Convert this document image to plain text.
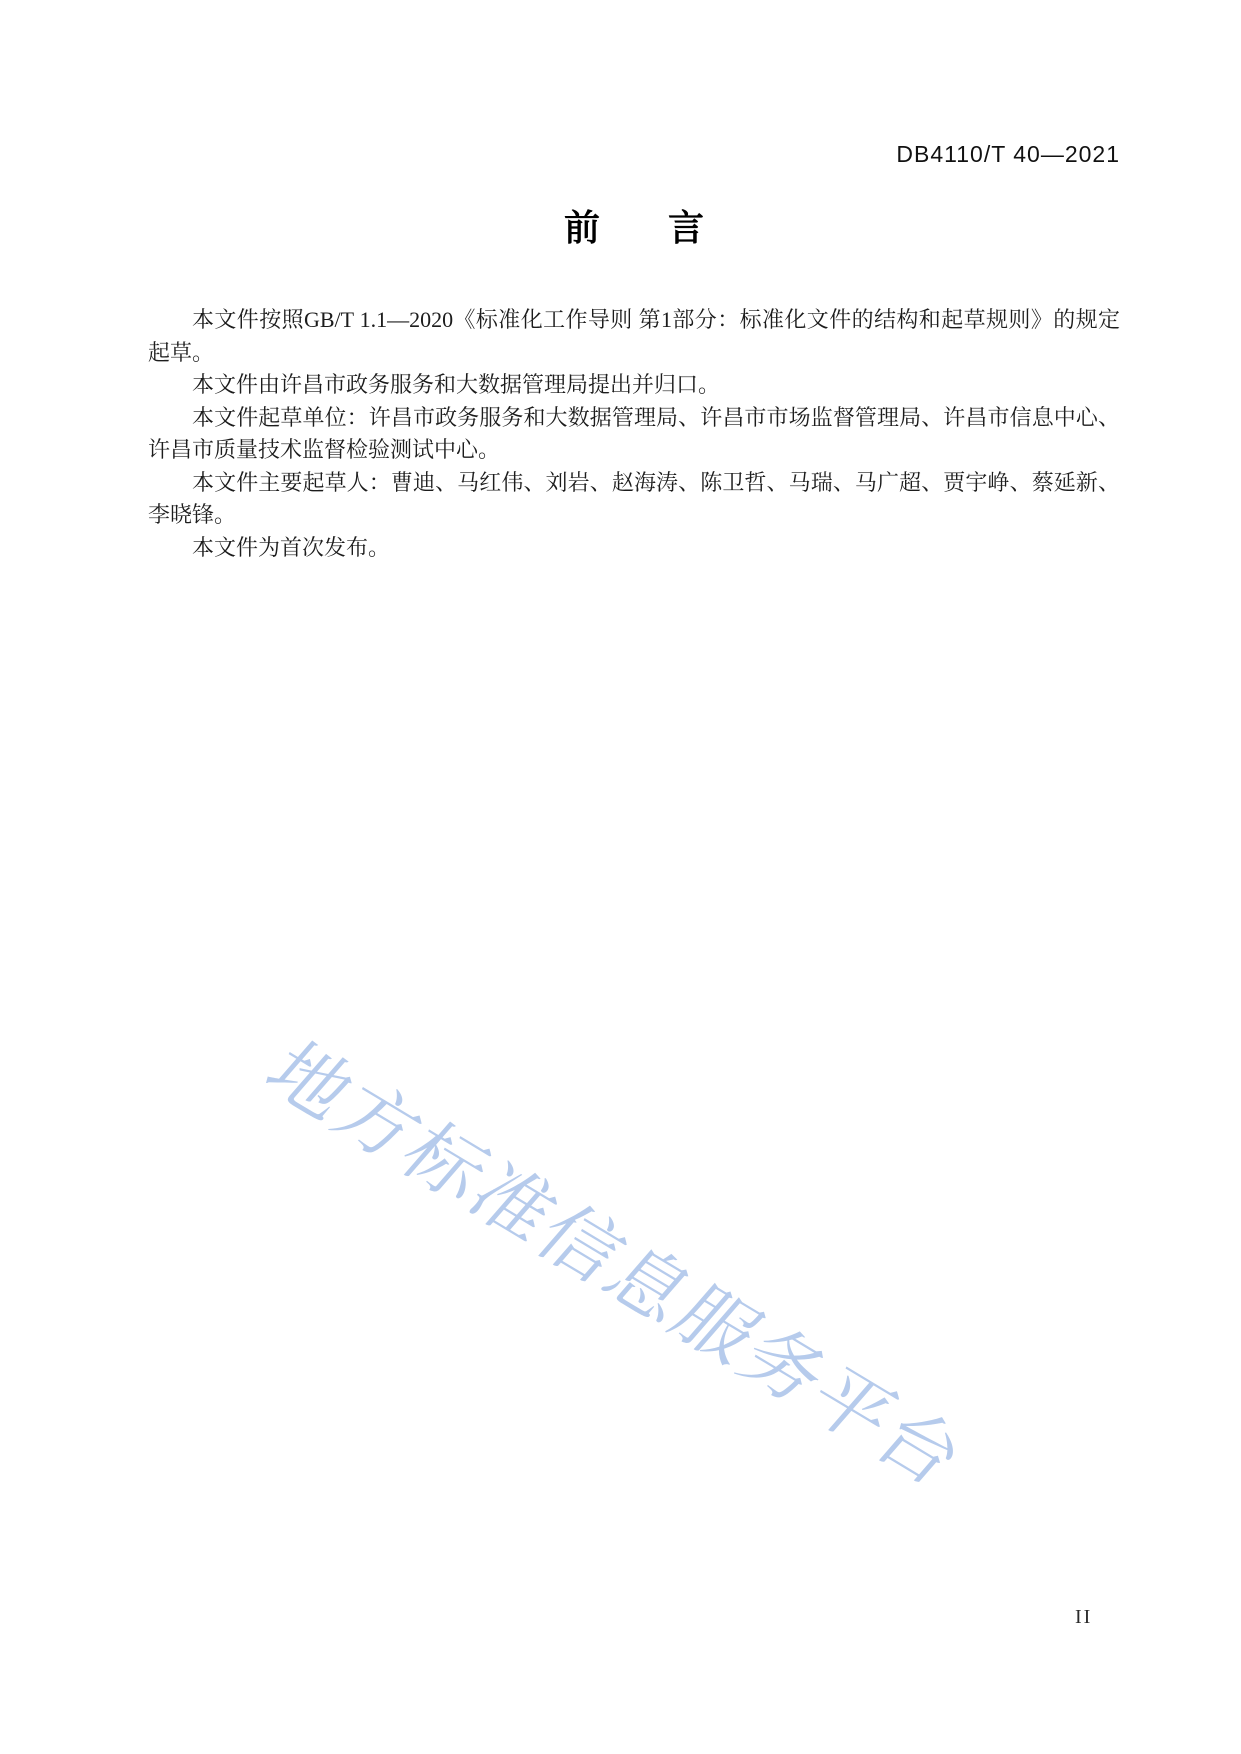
DB4110/T 40—2021
前 言

本文件按照GB/T 1.1—2020《标准化工作导则 第1部分：标准化文件的结构和起草规则》的规定起草。

本文件由许昌市政务服务和大数据管理局提出并归口。

本文件起草单位：许昌市政务服务和大数据管理局、许昌市市场监督管理局、许昌市信息中心、许昌市质量技术监督检验测试中心。

本文件主要起草人：曹迪、马红伟、刘岩、赵海涛、陈卫哲、马瑞、马广超、贾宇峥、蔡延新、李晓锋。

本文件为首次发布。

地方标准信息服务平台
II
